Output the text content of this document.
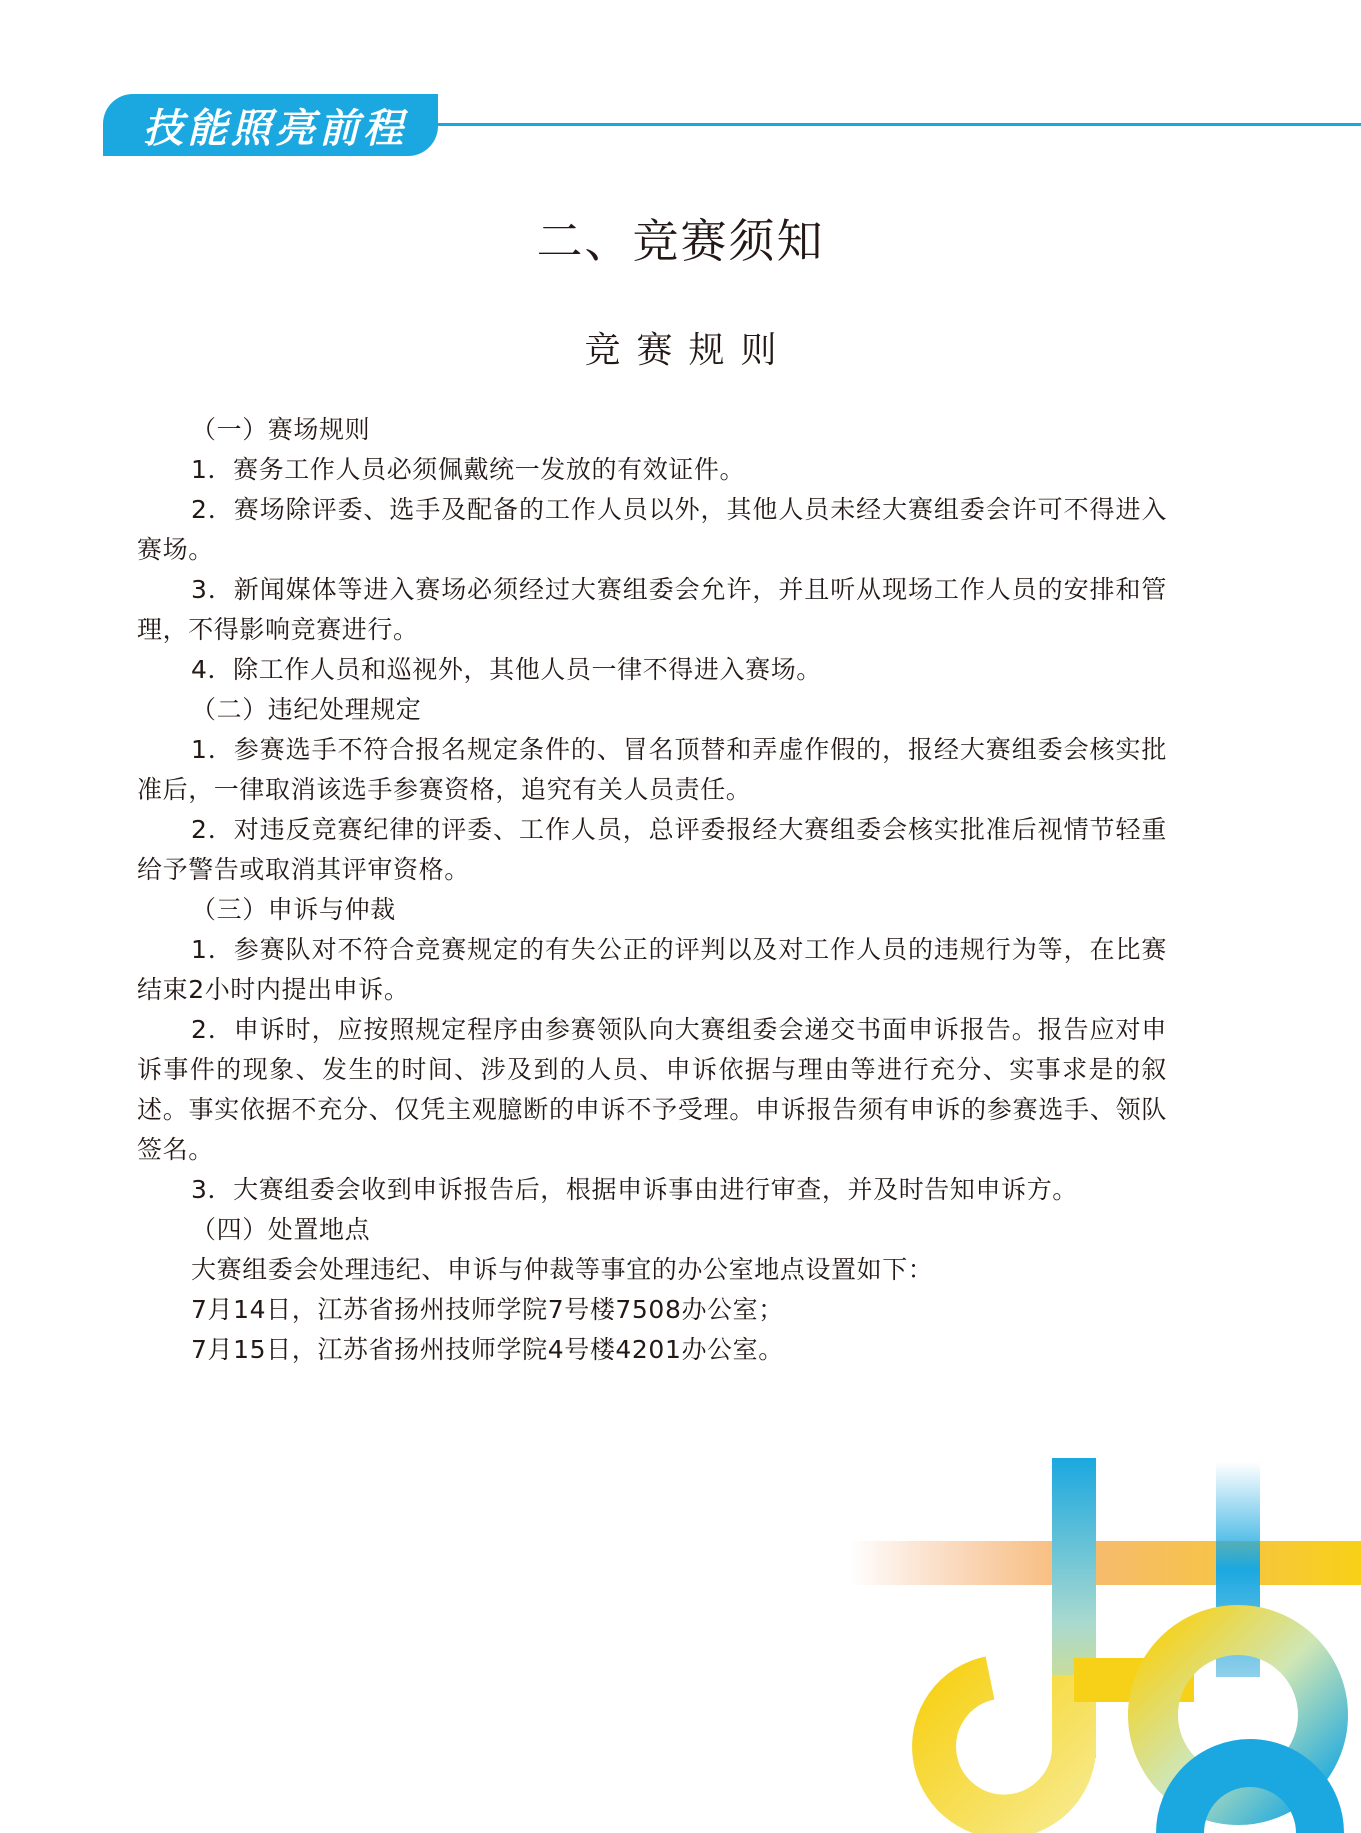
技能照亮前程
二、竞赛须知
竞赛规则

（一）赛场规则

1．赛务工作人员必须佩戴统一发放的有效证件。

2．赛场除评委、选手及配备的工作人员以外，其他人员未经大赛组委会许可不得进入赛场。

3．新闻媒体等进入赛场必须经过大赛组委会允许，并且听从现场工作人员的安排和管理，不得影响竞赛进行。

4．除工作人员和巡视外，其他人员一律不得进入赛场。

（二）违纪处理规定

1．参赛选手不符合报名规定条件的、冒名顶替和弄虚作假的，报经大赛组委会核实批准后，一律取消该选手参赛资格，追究有关人员责任。

2．对违反竞赛纪律的评委、工作人员，总评委报经大赛组委会核实批准后视情节轻重给予警告或取消其评审资格。

（三）申诉与仲裁

1．参赛队对不符合竞赛规定的有失公正的评判以及对工作人员的违规行为等，在比赛结束2小时内提出申诉。

2．申诉时，应按照规定程序由参赛领队向大赛组委会递交书面申诉报告。报告应对申诉事件的现象、发生的时间、涉及到的人员、申诉依据与理由等进行充分、实事求是的叙述。事实依据不充分、仅凭主观臆断的申诉不予受理。申诉报告须有申诉的参赛选手、领队签名。

3．大赛组委会收到申诉报告后，根据申诉事由进行审查，并及时告知申诉方。

（四）处置地点

大赛组委会处理违纪、申诉与仲裁等事宜的办公室地点设置如下：

7月14日，江苏省扬州技师学院7号楼7508办公室；

7月15日，江苏省扬州技师学院4号楼4201办公室。
